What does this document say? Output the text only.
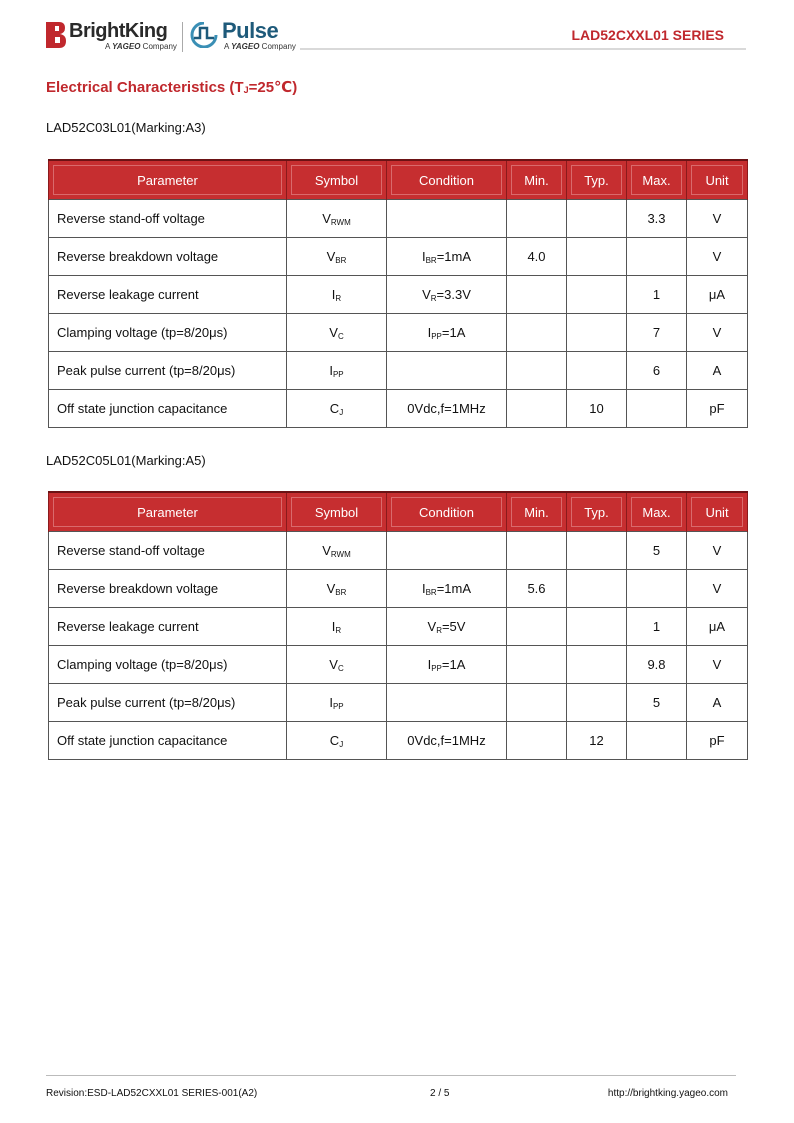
BrightKing
A YAGEO Company
Pulse
A YAGEO Company
LAD52CXXL01 SERIES
Electrical Characteristics $(T_J=25℃)$
LAD52C03L01(Marking:A3)
Parameter	Symbol	Condition	Min.	Typ.	Max.	Unit
Reverse stand-off voltage	$V_{RWM}$				3.3	V
Reverse breakdown voltage	$V_{BR}$	$I_{BR}=1mA$	4.0			V
Reverse leakage current	$I_R$	$V_R=3.3V$			1	μA
Clamping voltage (tp=8/20μs)	$V_C$	$I_{PP}=1A$			7	V
Peak pulse current (tp=8/20μs)	$I_{PP}$				6	A
Off state junction capacitance	$C_J$	0Vdc,f=1MHz		10		pF
LAD52C05L01(Marking:A5)
Parameter	Symbol	Condition	Min.	Typ.	Max.	Unit
Reverse stand-off voltage	$V_{RWM}$				5	V
Reverse breakdown voltage	$V_{BR}$	$I_{BR}=1mA$	5.6			V
Reverse leakage current	$I_R$	$V_R=5V$			1	μA
Clamping voltage (tp=8/20μs)	$V_C$	$I_{PP}=1A$			9.8	V
Peak pulse current (tp=8/20μs)	$I_{PP}$				5	A
Off state junction capacitance	$C_J$	0Vdc,f=1MHz		12		pF
Revision:ESD-LAD52CXXL01 SERIES-001(A2)	2 / 5	http://brightking.yageo.com
